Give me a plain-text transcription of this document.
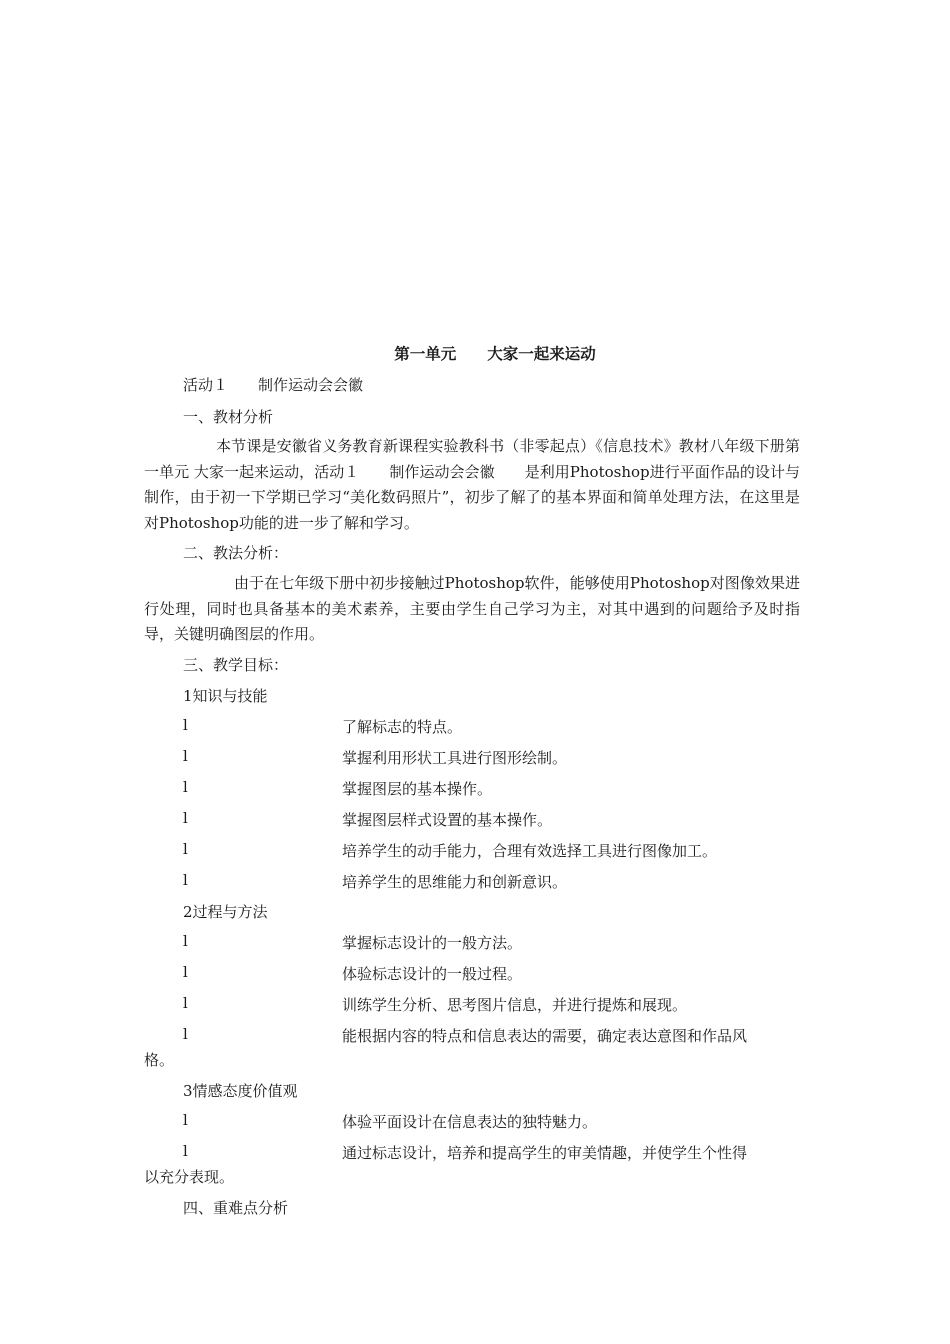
第一单元　　大家一起来运动
活动１　　制作运动会会徽
一、教材分析
本节课是安徽省义务教育新课程实验教科书（非零起点）《信息技术》教材八年级下册第一单元 大家一起来运动，活动１　　制作运动会会徽　　是利用Photoshop进行平面作品的设计与制作，由于初一下学期已学习“美化数码照片”，初步了解了的基本界面和简单处理方法，在这里是对Photoshop功能的进一步了解和学习。
二、教法分析：
由于在七年级下册中初步接触过Photoshop软件，能够使用Photoshop对图像效果进行处理，同时也具备基本的美术素养，主要由学生自己学习为主，对其中遇到的问题给予及时指导，关键明确图层的作用。
三、教学目标：
1知识与技能
l	了解标志的特点。
l	掌握利用形状工具进行图形绘制。
l	掌握图层的基本操作。
l	掌握图层样式设置的基本操作。
l	培养学生的动手能力，合理有效选择工具进行图像加工。
l	培养学生的思维能力和创新意识。
2过程与方法
l	掌握标志设计的一般方法。
l	体验标志设计的一般过程。
l	训练学生分析、思考图片信息，并进行提炼和展现。
l	能根据内容的特点和信息表达的需要，确定表达意图和作品风
格。
3情感态度价值观
l	体验平面设计在信息表达的独特魅力。
l	通过标志设计，培养和提高学生的审美情趣，并使学生个性得
以充分表现。
四、重难点分析
